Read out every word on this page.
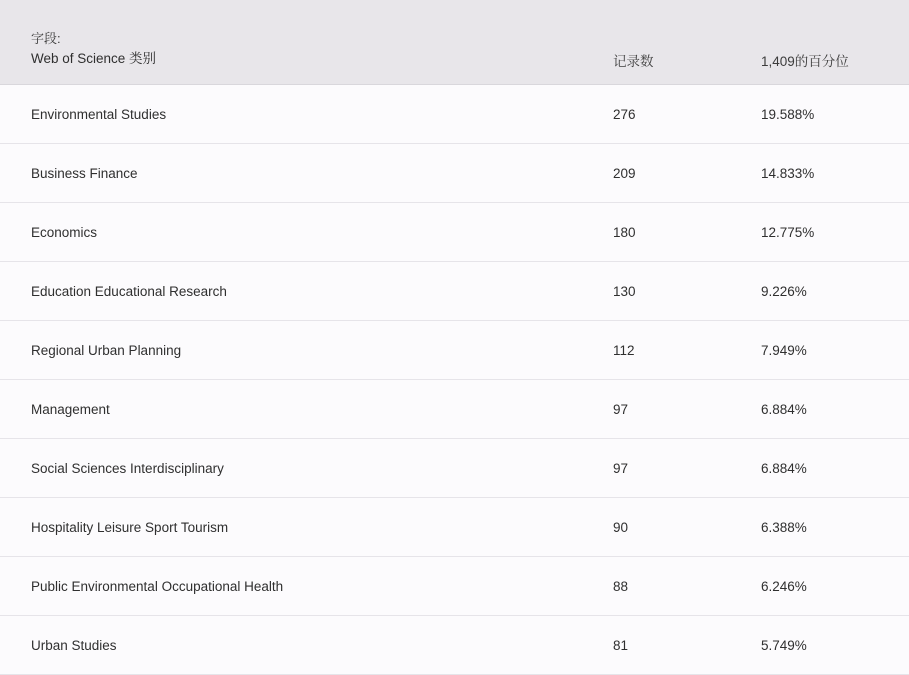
字段:
Web of Science 类别	记录数	1,409的百分位
Environmental Studies	276	19.588%
Business Finance	209	14.833%
Economics	180	12.775%
Education Educational Research	130	9.226%
Regional Urban Planning	112	7.949%
Management	97	6.884%
Social Sciences Interdisciplinary	97	6.884%
Hospitality Leisure Sport Tourism	90	6.388%
Public Environmental Occupational Health	88	6.246%
Urban Studies	81	5.749%
